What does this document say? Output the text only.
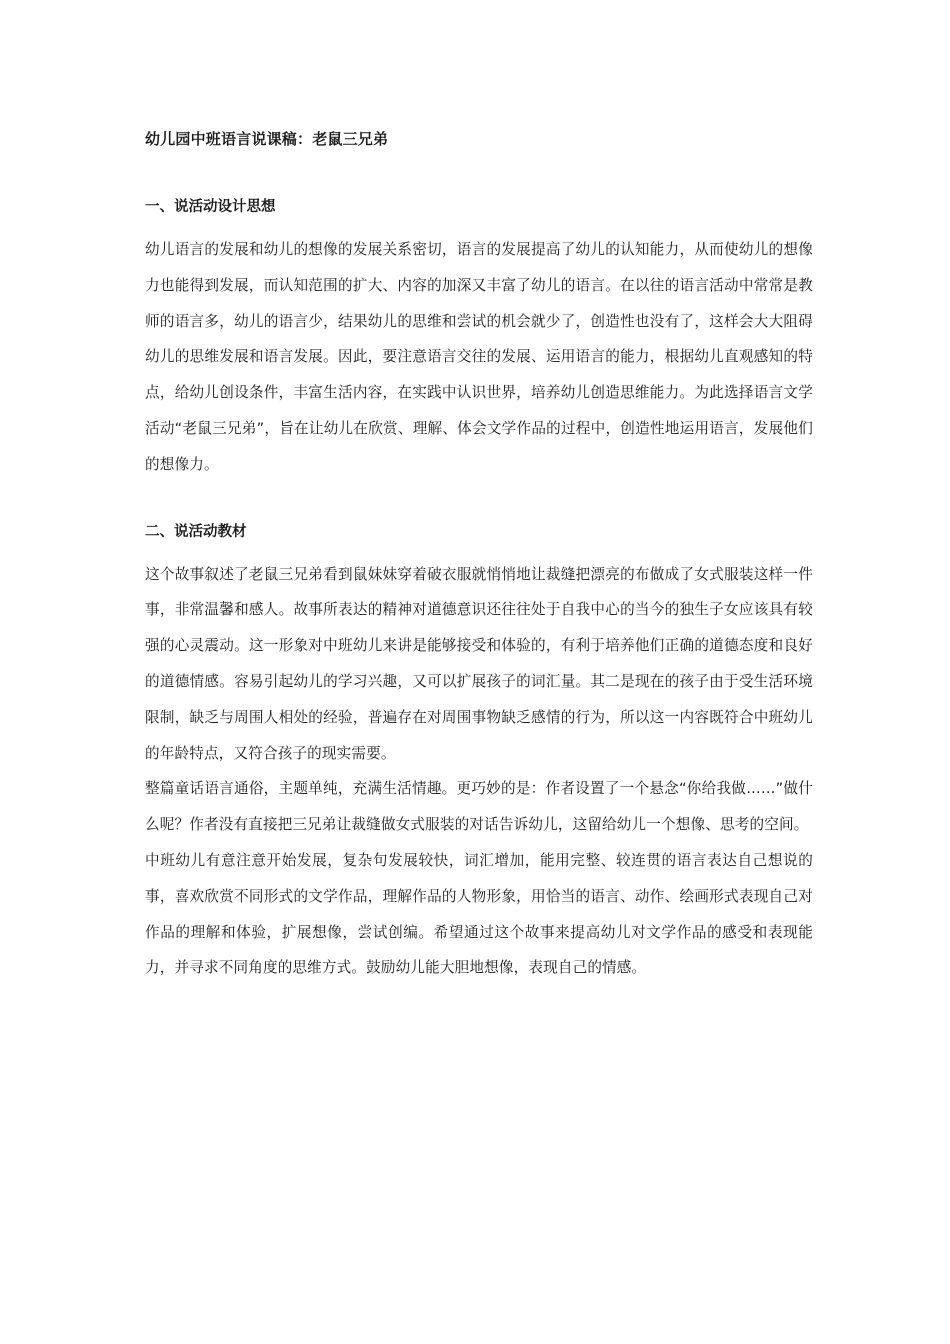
幼儿园中班语言说课稿：老鼠三兄弟
一、说活动设计思想

幼儿语言的发展和幼儿的想像的发展关系密切，语言的发展提高了幼儿的认知能力，从而使幼儿的想像力也能得到发展，而认知范围的扩大、内容的加深又丰富了幼儿的语言。在以往的语言活动中常常是教师的语言多，幼儿的语言少，结果幼儿的思维和尝试的机会就少了，创造性也没有了，这样会大大阻碍幼儿的思维发展和语言发展。因此，要注意语言交往的发展、运用语言的能力，根据幼儿直观感知的特点，给幼儿创设条件，丰富生活内容，在实践中认识世界，培养幼儿创造思维能力。为此选择语言文学活动“老鼠三兄弟”，旨在让幼儿在欣赏、理解、体会文学作品的过程中，创造性地运用语言，发展他们的想像力。

二、说活动教材

这个故事叙述了老鼠三兄弟看到鼠妹妹穿着破衣服就悄悄地让裁缝把漂亮的布做成了女式服装这样一件事，非常温馨和感人。故事所表达的精神对道德意识还往往处于自我中心的当今的独生子女应该具有较强的心灵震动。这一形象对中班幼儿来讲是能够接受和体验的，有利于培养他们正确的道德态度和良好的道德情感。容易引起幼儿的学习兴趣，又可以扩展孩子的词汇量。其二是现在的孩子由于受生活环境限制，缺乏与周围人相处的经验，普遍存在对周围事物缺乏感情的行为，所以这一内容既符合中班幼儿的年龄特点，又符合孩子的现实需要。

整篇童话语言通俗，主题单纯，充满生活情趣。更巧妙的是：作者设置了一个悬念“你给我做……”做什么呢？作者没有直接把三兄弟让裁缝做女式服装的对话告诉幼儿，这留给幼儿一个想像、思考的空间。

中班幼儿有意注意开始发展，复杂句发展较快，词汇增加，能用完整、较连贯的语言表达自己想说的事，喜欢欣赏不同形式的文学作品，理解作品的人物形象，用恰当的语言、动作、绘画形式表现自己对作品的理解和体验，扩展想像，尝试创编。希望通过这个故事来提高幼儿对文学作品的感受和表现能力，并寻求不同角度的思维方式。鼓励幼儿能大胆地想像，表现自己的情感。
